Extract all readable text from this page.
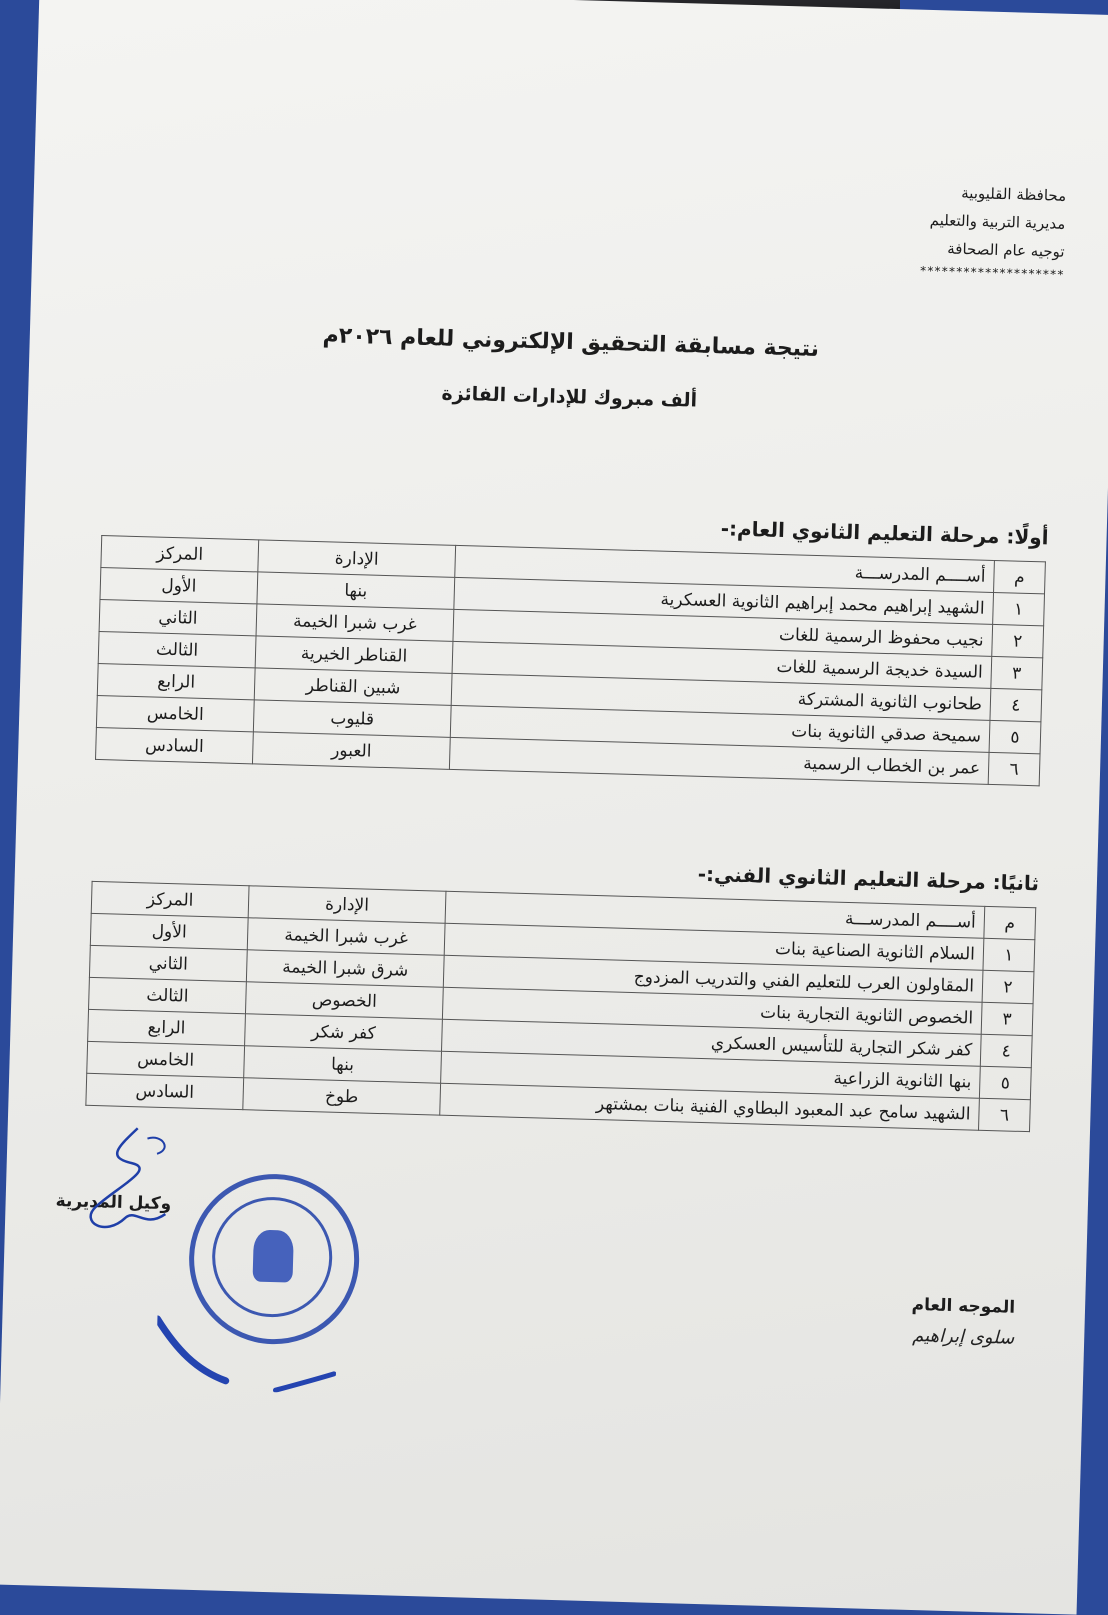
محافظة القليوبية
مديرية التربية والتعليم
توجيه عام الصحافة
********************
نتيجة مسابقة التحقيق الإلكتروني للعام ٢٠٢٦م
ألف مبروك للإدارات الفائزة
أولًا: مرحلة التعليم الثانوي العام:-
م	أســــم المدرســـة	الإدارة	المركز
١	الشهيد إبراهيم محمد إبراهيم الثانوية العسكرية	بنها	الأول
٢	نجيب محفوظ الرسمية للغات	غرب شبرا الخيمة	الثاني
٣	السيدة خديجة الرسمية للغات	القناطر الخيرية	الثالث
٤	طحانوب الثانوية المشتركة	شبين القناطر	الرابع
٥	سميحة صدقي الثانوية بنات	قليوب	الخامس
٦	عمر بن الخطاب الرسمية	العبور	السادس
ثانيًا: مرحلة التعليم الثانوي الفني:-
م	أســــم المدرســـة	الإدارة	المركز
١	السلام الثانوية الصناعية بنات	غرب شبرا الخيمة	الأول
٢	المقاولون العرب للتعليم الفني والتدريب المزدوج	شرق شبرا الخيمة	الثاني
٣	الخصوص الثانوية التجارية بنات	الخصوص	الثالث
٤	كفر شكر التجارية للتأسيس العسكري	كفر شكر	الرابع
٥	بنها الثانوية الزراعية	بنها	الخامس
٦	الشهيد سامح عبد المعبود البطاوي الفنية بنات بمشتهر	طوخ	السادس
وكيل المديرية
الموجه العام
سلوى إبراهيم
